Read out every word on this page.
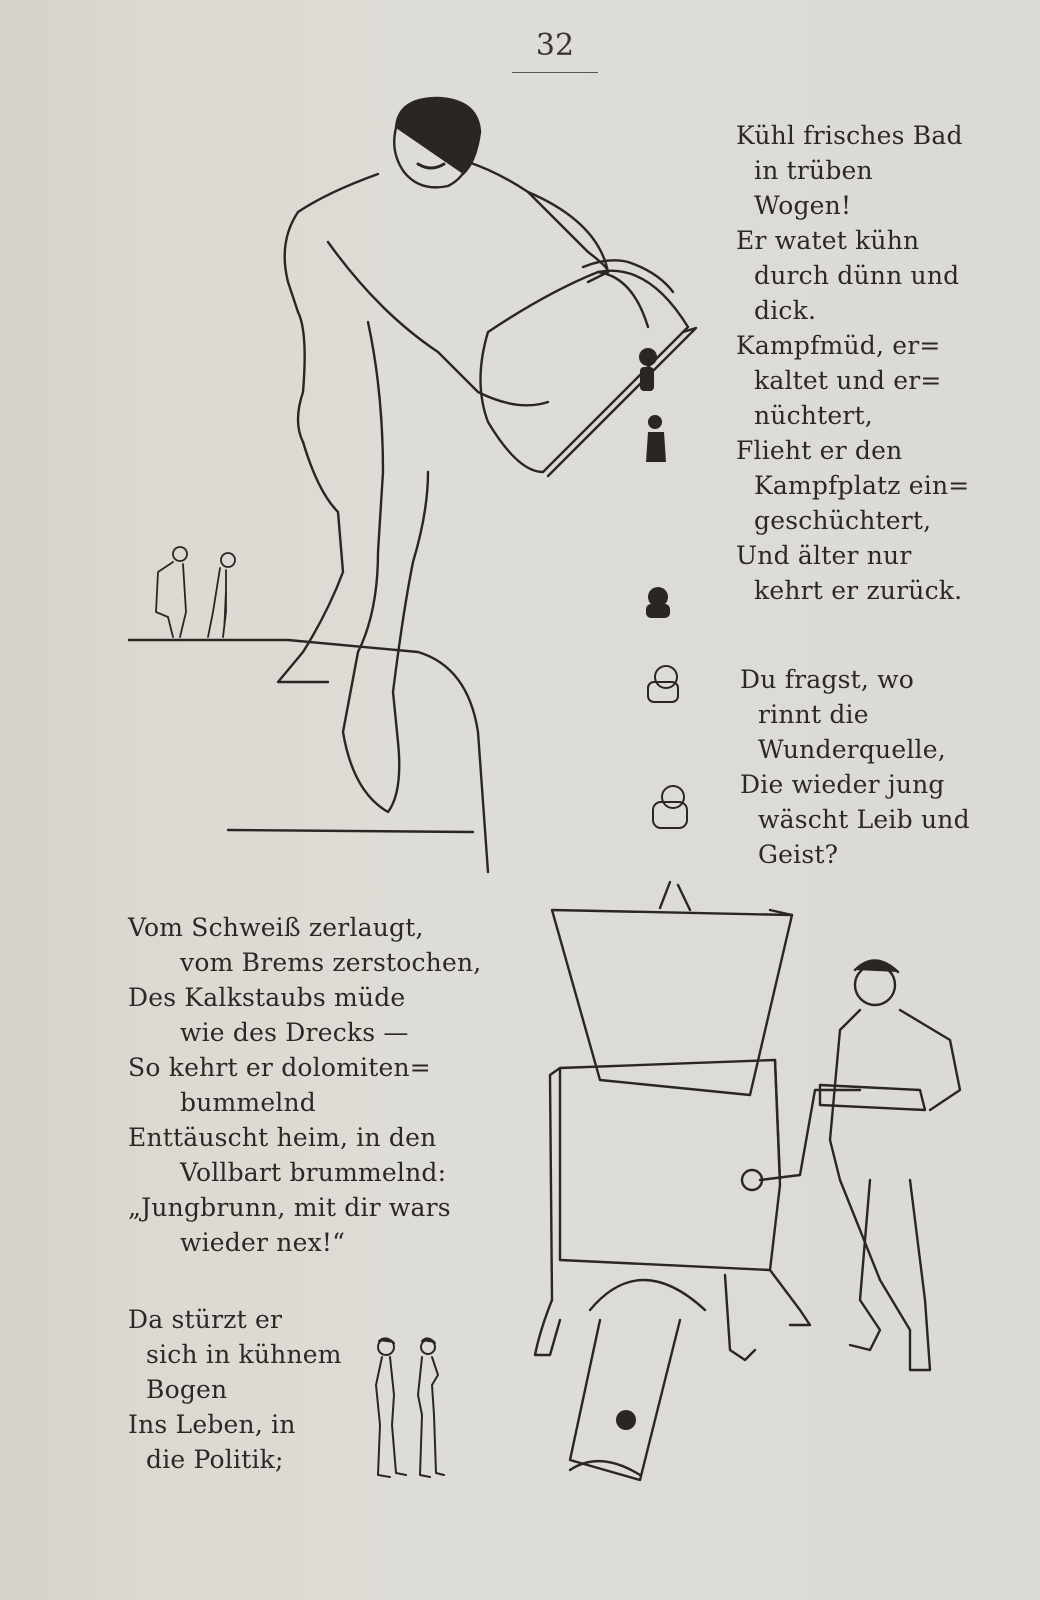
32
Kühl frisches Bad
in trüben
Wogen!
Er watet kühn
durch dünn und
dick.
Kampfmüd, er=
kaltet und er=
nüchtert,
Flieht er den
Kampfplatz ein=
geschüchtert,
Und älter nur
kehrt er zurück.
Du fragst, wo
rinnt die
Wunderquelle,
Die wieder jung
wäscht Leib und
Geist?
Vom Schweiß zerlaugt,
vom Brems zerstochen,
Des Kalkstaubs müde
wie des Drecks —
So kehrt er dolomiten=
bummelnd
Enttäuscht heim, in den
Vollbart brummelnd:
„Jungbrunn, mit dir wars
wieder nex!“
Da stürzt er
sich in kühnem
Bogen
Ins Leben, in
die Politik;
